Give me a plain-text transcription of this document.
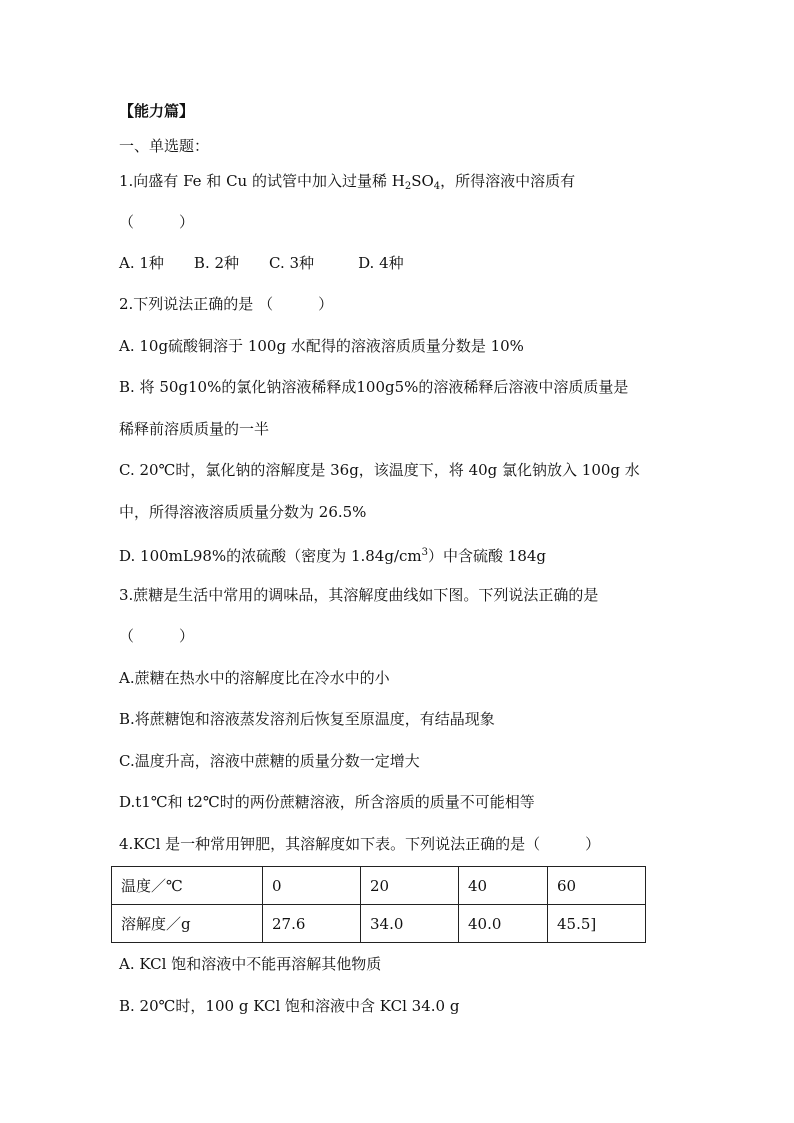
【能力篇】
一、单选题：
1.向盛有 Fe 和 Cu 的试管中加入过量稀 $H_2SO_4$，所得溶液中溶质有
（　　　）
A. 1种 B. 2种 C. 3种	D. 4种
2.下列说法正确的是 （　　　）
A. 10g硫酸铜溶于 100g 水配得的溶液溶质质量分数是 10%
B. 将 50g10%的氯化钠溶液稀释成100g5%的溶液稀释后溶液中溶质质量是
稀释前溶质质量的一半
C. 20℃时，氯化钠的溶解度是 36g，该温度下，将 40g 氯化钠放入 100g 水
中，所得溶液溶质质量分数为 26.5%
D. 100mL98%的浓硫酸（密度为 $1.84g/cm^3$）中含硫酸 184g
3.蔗糖是生活中常用的调味品，其溶解度曲线如下图。下列说法正确的是
（　　　）
A.蔗糖在热水中的溶解度比在冷水中的小
B.将蔗糖饱和溶液蒸发溶剂后恢复至原温度，有结晶现象
C.温度升高，溶液中蔗糖的质量分数一定增大
D.t1℃和 t2℃时的两份蔗糖溶液，所含溶质的质量不可能相等
4.KCl 是一种常用钾肥，其溶解度如下表。下列说法正确的是（　　　）
温度／℃	0	20	40	60
溶解度／g	27.6	34.0	40.0	45.5]
A. KCl 饱和溶液中不能再溶解其他物质
B. 20℃时，100 g KCl 饱和溶液中含 KCl 34.0 g
